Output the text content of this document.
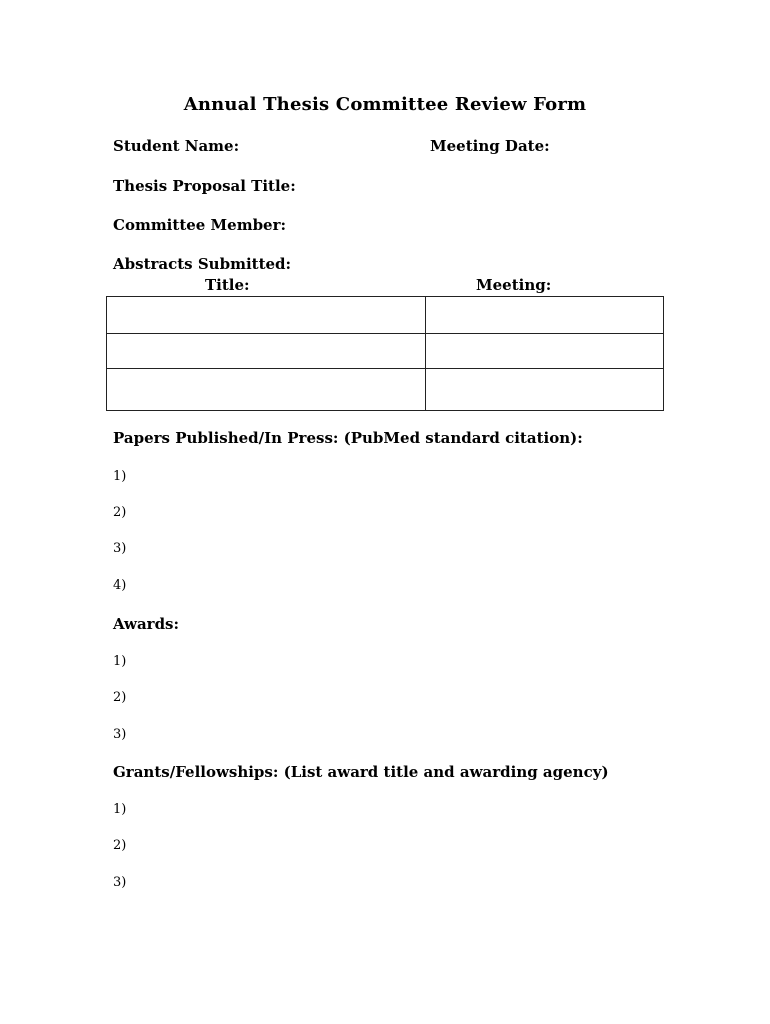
Annual Thesis Committee Review Form
Student Name:	Meeting Date:
Thesis Proposal Title:
Committee Member:
Abstracts Submitted:
Title:	Meeting:

Papers Published/In Press: (PubMed standard citation):
1)
2)
3)
4)
Awards:
1)
2)
3)
Grants/Fellowships: (List award title and awarding agency)
1)
2)
3)
